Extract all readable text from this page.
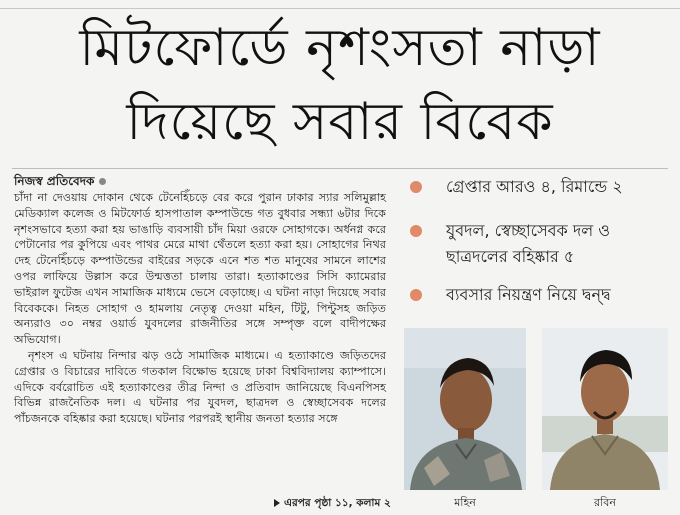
মিটফোর্ডে নৃশংসতা নাড়া
দিয়েছে সবার বিবেক
নিজস্ব প্রতিবেদক

চাঁদা না দেওয়ায় দোকান থেকে টেনেহিঁচড়ে বের করে পুরান ঢাকার স্যার সলিমুল্লাহ মেডিক্যাল কলেজ ও মিটফোর্ড হাসপাতাল কম্পাউন্ডে গত বুধবার সন্ধ্যা ৬টার দিকে নৃশংসভাবে হত্যা করা হয় ভাঙাড়ি ব্যবসায়ী চাঁদ মিয়া ওরফে সোহাগকে। অর্ধনগ্ন করে পেটানোর পর কুপিয়ে এবং পাথর মেরে মাথা থেঁতলে হত্যা করা হয়। সোহাগের নিথর দেহ টেনেহিঁচড়ে কম্পাউন্ডের বাইরের সড়কে এনে শত শত মানুষের সামনে লাশের ওপর লাফিয়ে উল্লাস করে উন্মত্ততা চালায় তারা। হত্যাকাণ্ডের সিসি ক্যামেরার ভাইরাল ফুটেজ এখন সামাজিক মাধ্যমে ভেসে বেড়াচ্ছে। এ ঘটনা নাড়া দিয়েছে সবার বিবেককে। নিহত সোহাগ ও হামলায় নেতৃত্ব দেওয়া মহিন, টিটু, পিন্টুসহ জড়িত অন্যরাও ৩০ নম্বর ওয়ার্ড যুবদলের রাজনীতির সঙ্গে সম্পৃক্ত বলে বাদীপক্ষের অভিযোগ।

নৃশংস এ ঘটনায় নিন্দার ঝড় ওঠে সামাজিক মাধ্যমে। এ হত্যাকাণ্ডে জড়িতদের গ্রেপ্তার ও বিচারের দাবিতে গতকাল বিক্ষোভ হয়েছে ঢাকা বিশ্ববিদ্যালয় ক্যাম্পাসে। এদিকে বর্বরোচিত এই হত্যাকাণ্ডের তীব্র নিন্দা ও প্রতিবাদ জানিয়েছে বিএনপিসহ বিভিন্ন রাজনৈতিক দল। এ ঘটনার পর যুবদল, ছাত্রদল ও স্বেচ্ছাসেবক দলের পাঁচজনকে বহিষ্কার করা হয়েছে। ঘটনার পরপরই স্থানীয় জনতা হত্যার সঙ্গে

এরপর পৃষ্ঠা ১১, কলাম ২
গ্রেপ্তার আরও ৪, রিমান্ডে ২
যুবদল, স্বেচ্ছাসেবক দল ও
ছাত্রদলের বহিষ্কার ৫
ব্যবসার নিয়ন্ত্রণ নিয়ে দ্বন্দ্ব
মহিন	রবিন
